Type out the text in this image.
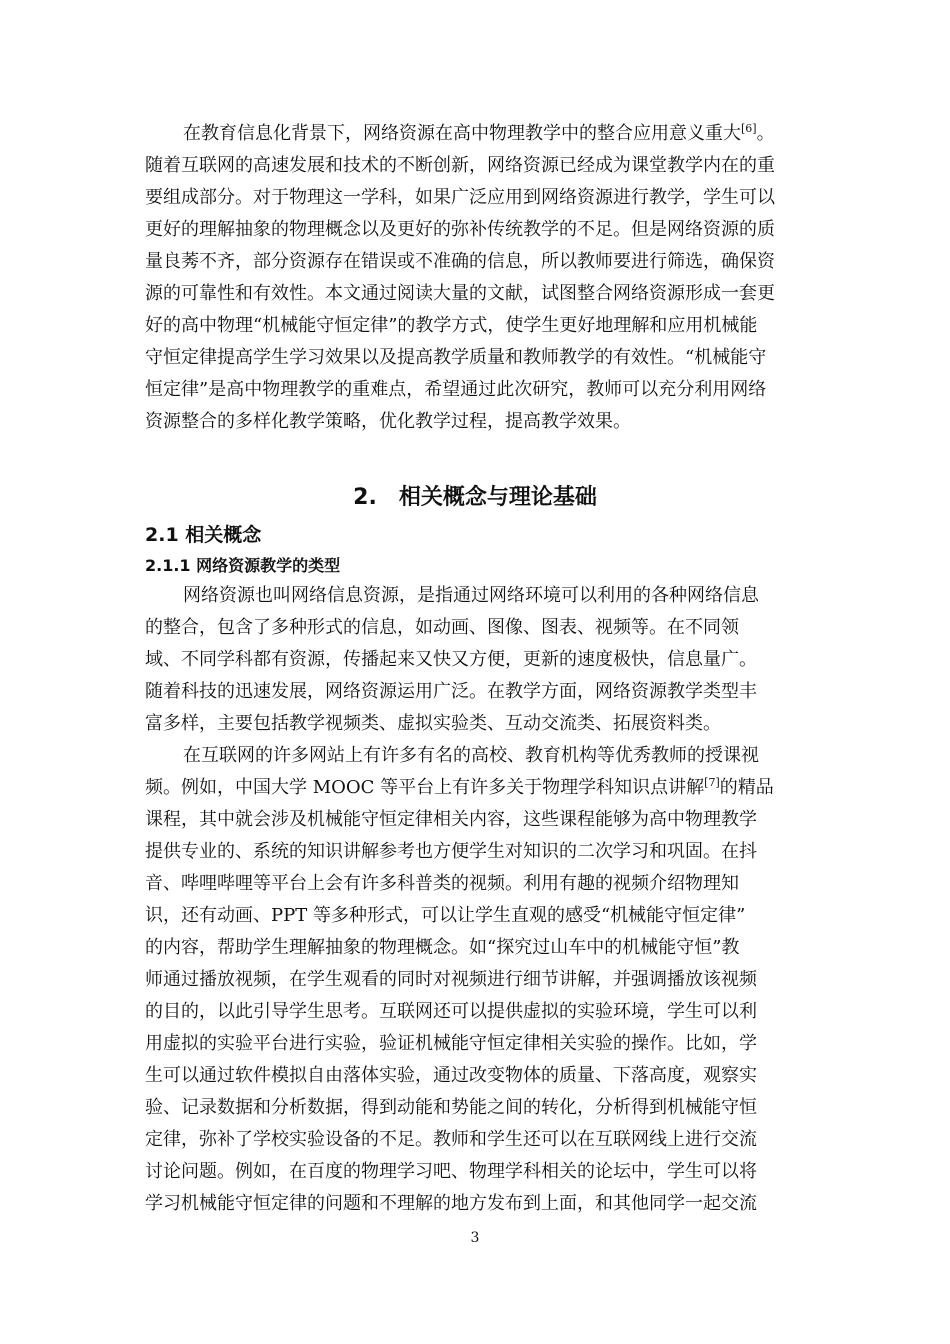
在教育信息化背景下，网络资源在高中物理教学中的整合应用意义重大[6]。
随着互联网的高速发展和技术的不断创新，网络资源已经成为课堂教学内在的重
要组成部分。对于物理这一学科，如果广泛应用到网络资源进行教学，学生可以
更好的理解抽象的物理概念以及更好的弥补传统教学的不足。但是网络资源的质
量良莠不齐，部分资源存在错误或不准确的信息，所以教师要进行筛选，确保资
源的可靠性和有效性。本文通过阅读大量的文献，试图整合网络资源形成一套更
好的高中物理“机械能守恒定律”的教学方式，使学生更好地理解和应用机械能
守恒定律提高学生学习效果以及提高教学质量和教师教学的有效性。“机械能守
恒定律”是高中物理教学的重难点，希望通过此次研究，教师可以充分利用网络
资源整合的多样化教学策略，优化教学过程，提高教学效果。
2. 相关概念与理论基础
2.1 相关概念
2.1.1 网络资源教学的类型
网络资源也叫网络信息资源，是指通过网络环境可以利用的各种网络信息
的整合，包含了多种形式的信息，如动画、图像、图表、视频等。在不同领
域、不同学科都有资源，传播起来又快又方便，更新的速度极快，信息量广。
随着科技的迅速发展，网络资源运用广泛。在教学方面，网络资源教学类型丰
富多样，主要包括教学视频类、虚拟实验类、互动交流类、拓展资料类。
在互联网的许多网站上有许多有名的高校、教育机构等优秀教师的授课视
频。例如，中国大学 MOOC 等平台上有许多关于物理学科知识点讲解[7]的精品
课程，其中就会涉及机械能守恒定律相关内容，这些课程能够为高中物理教学
提供专业的、系统的知识讲解参考也方便学生对知识的二次学习和巩固。在抖
音、哔哩哔哩等平台上会有许多科普类的视频。利用有趣的视频介绍物理知
识，还有动画、PPT 等多种形式，可以让学生直观的感受“机械能守恒定律”
的内容，帮助学生理解抽象的物理概念。如“探究过山车中的机械能守恒”教
师通过播放视频，在学生观看的同时对视频进行细节讲解，并强调播放该视频
的目的，以此引导学生思考。互联网还可以提供虚拟的实验环境，学生可以利
用虚拟的实验平台进行实验，验证机械能守恒定律相关实验的操作。比如，学
生可以通过软件模拟自由落体实验，通过改变物体的质量、下落高度，观察实
验、记录数据和分析数据，得到动能和势能之间的转化，分析得到机械能守恒
定律，弥补了学校实验设备的不足。教师和学生还可以在互联网线上进行交流
讨论问题。例如，在百度的物理学习吧、物理学科相关的论坛中，学生可以将
学习机械能守恒定律的问题和不理解的地方发布到上面，和其他同学一起交流
3
